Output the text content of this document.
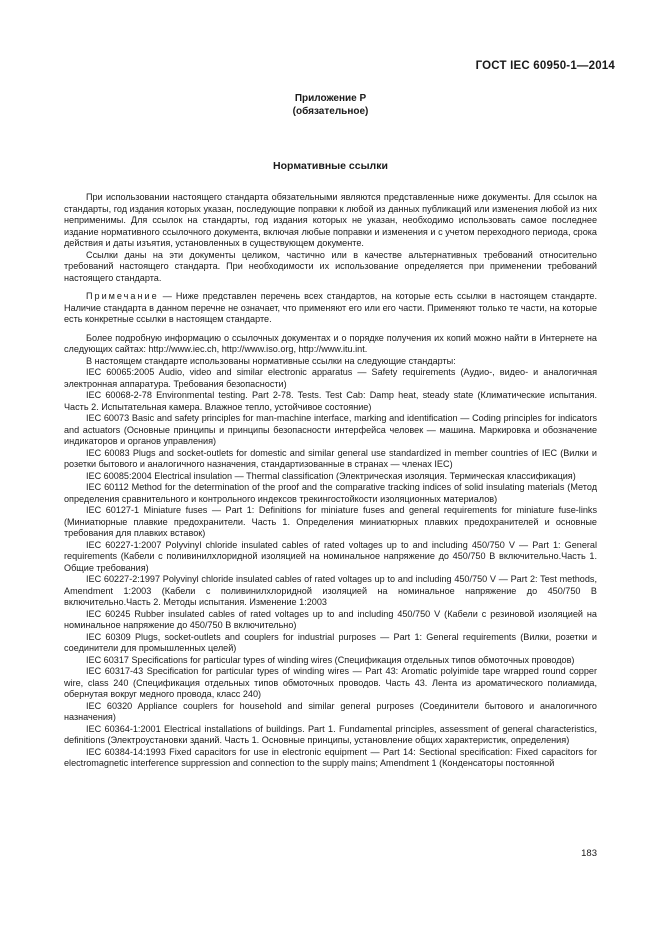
ГОСТ IEC 60950-1—2014
Приложение Р
(обязательное)
Нормативные ссылки

При использовании настоящего стандарта обязательными являются представленные ниже документы. Для ссылок на стандарты, год издания которых указан, последующие поправки к любой из данных публикаций или изменения любой из них неприменимы. Для ссылок на стандарты, год издания которых не указан, необходимо использовать самое последнее издание нормативного ссылочного документа, включая любые поправки и изменения и с учетом переходного периода, срока действия и даты изъятия, установленных в существующем документе.

Ссылки даны на эти документы целиком, частично или в качестве альтернативных требований относительно требований настоящего стандарта. При необходимости их использование определяется при применении требований настоящего стандарта.

Примечание — Ниже представлен перечень всех стандартов, на которые есть ссылки в настоящем стандарте. Наличие стандарта в данном перечне не означает, что применяют его или его части. Применяют только те части, на которые есть конкретные ссылки в настоящем стандарте.

Более подробную информацию о ссылочных документах и о порядке получения их копий можно найти в Интернете на следующих сайтах: http://www.iec.ch, http://www.iso.org, http://www.itu.int.

В настоящем стандарте использованы нормативные ссылки на следующие стандарты:

IEC 60065:2005 Audio, video and similar electronic apparatus — Safety requirements (Аудио-, видео- и аналогичная электронная аппаратура. Требования безопасности)

IEC 60068-2-78 Environmental testing. Part 2-78. Tests. Test Cab: Damp heat, steady state (Климатические испытания. Часть 2. Испытательная камера. Влажное тепло, устойчивое состояние)

IEC 60073 Basic and safety principles for man-machine interface, marking and identification — Coding principles for indicators and actuators (Основные принципы и принципы безопасности интерфейса человек — машина. Маркировка и обозначение индикаторов и органов управления)

IEC 60083 Plugs and socket-outlets for domestic and similar general use standardized in member countries of IEC (Вилки и розетки бытового и аналогичного назначения, стандартизованные в странах — членах IEC)

IEC 60085:2004 Electrical insulation — Thermal classification (Электрическая изоляция. Термическая классификация)

IEC 60112 Method for the determination of the proof and the comparative tracking indices of solid insulating materials (Метод определения сравнительного и контрольного индексов трекингостойкости изоляционных материалов)

IEC 60127-1 Miniature fuses — Part 1: Definitions for miniature fuses and general requirements for miniature fuse-links (Миниатюрные плавкие предохранители. Часть 1. Определения миниатюрных плавких предохранителей и основные требования для плавких вставок)

IEC 60227-1:2007 Polyvinyl chloride insulated cables of rated voltages up to and including 450/750 V — Part 1: General requirements (Кабели с поливинилхлоридной изоляцией на номинальное напряжение до 450/750 В включительно.Часть 1. Общие требования)

IEC 60227-2:1997 Polyvinyl chloride insulated cables of rated voltages up to and including 450/750 V — Part 2: Test methods, Amendment 1:2003 (Кабели с поливинилхлоридной изоляцией на номинальное напряжение до 450/750 В включительно.Часть 2. Методы испытания. Изменение 1:2003

IEC 60245 Rubber insulated cables of rated voltages up to and including 450/750 V (Кабели с резиновой изоляцией на номинальное напряжение до 450/750 В включительно)

IEC 60309 Plugs, socket-outlets and couplers for industrial purposes — Part 1: General requirements (Вилки, розетки и соединители для промышленных целей)

IEC 60317 Specifications for particular types of winding wires (Спецификация отдельных типов обмоточных проводов)

IEC 60317-43 Specification for particular types of winding wires — Part 43: Aromatic polyimide tape wrapped round copper wire, class 240 (Спецификация отдельных типов обмоточных проводов. Часть 43. Лента из ароматического полиамида, обернутая вокруг медного провода, класс 240)

IEC 60320 Appliance couplers for household and similar general purposes (Соединители бытового и аналогичного назначения)

IEC 60364-1:2001 Electrical installations of buildings. Part 1. Fundamental principles, assessment of general characteristics, definitions (Электроустановки зданий. Часть 1. Основные принципы, установление общих характеристик, определения)

IEC 60384-14:1993 Fixed capacitors for use in electronic equipment — Part 14: Sectional specification: Fixed capacitors for electromagnetic interference suppression and connection to the supply mains; Amendment 1 (Конденсаторы постоянной

183
